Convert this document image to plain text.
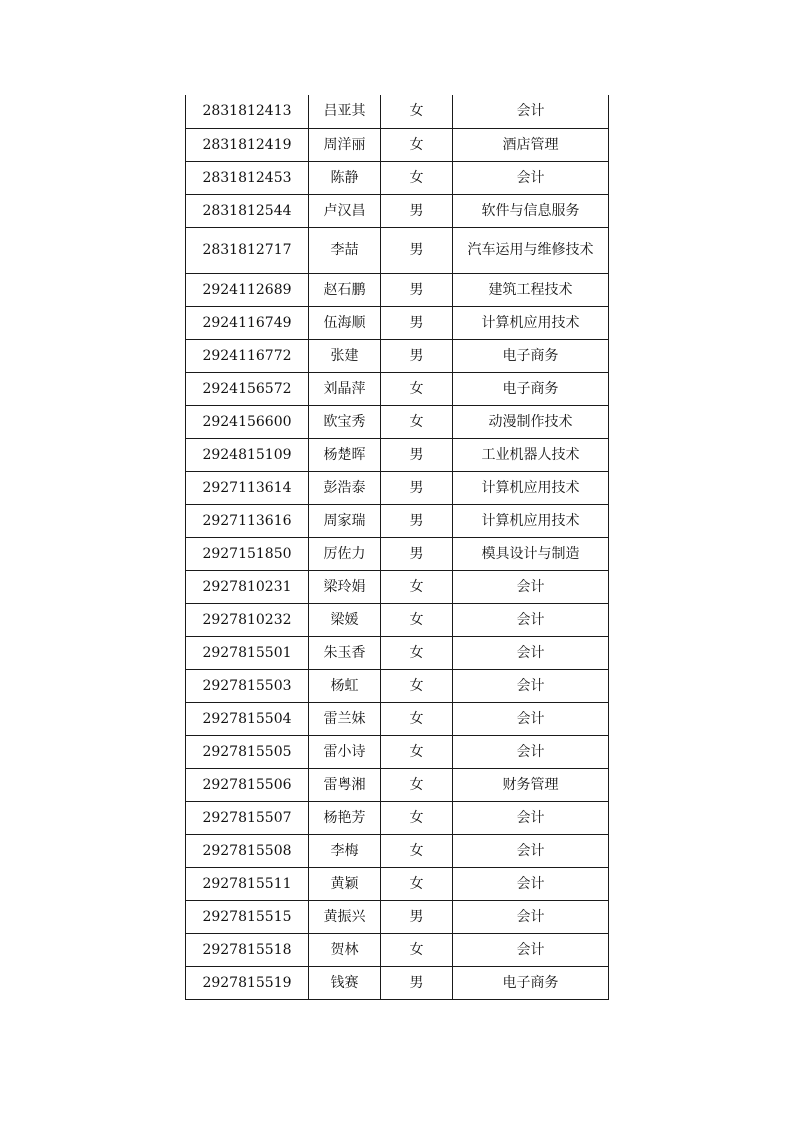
2831812413	吕亚其	女	会计
2831812419	周洋丽	女	酒店管理
2831812453	陈静	女	会计
2831812544	卢汉昌	男	软件与信息服务
2831812717	李喆	男	汽车运用与维修技术
2924112689	赵石鹏	男	建筑工程技术
2924116749	伍海顺	男	计算机应用技术
2924116772	张建	男	电子商务
2924156572	刘晶萍	女	电子商务
2924156600	欧宝秀	女	动漫制作技术
2924815109	杨楚晖	男	工业机器人技术
2927113614	彭浩泰	男	计算机应用技术
2927113616	周家瑞	男	计算机应用技术
2927151850	厉佐力	男	模具设计与制造
2927810231	梁玲娟	女	会计
2927810232	梁媛	女	会计
2927815501	朱玉香	女	会计
2927815503	杨虹	女	会计
2927815504	雷兰妹	女	会计
2927815505	雷小诗	女	会计
2927815506	雷粤湘	女	财务管理
2927815507	杨艳芳	女	会计
2927815508	李梅	女	会计
2927815511	黄颖	女	会计
2927815515	黄振兴	男	会计
2927815518	贺林	女	会计
2927815519	钱赛	男	电子商务
